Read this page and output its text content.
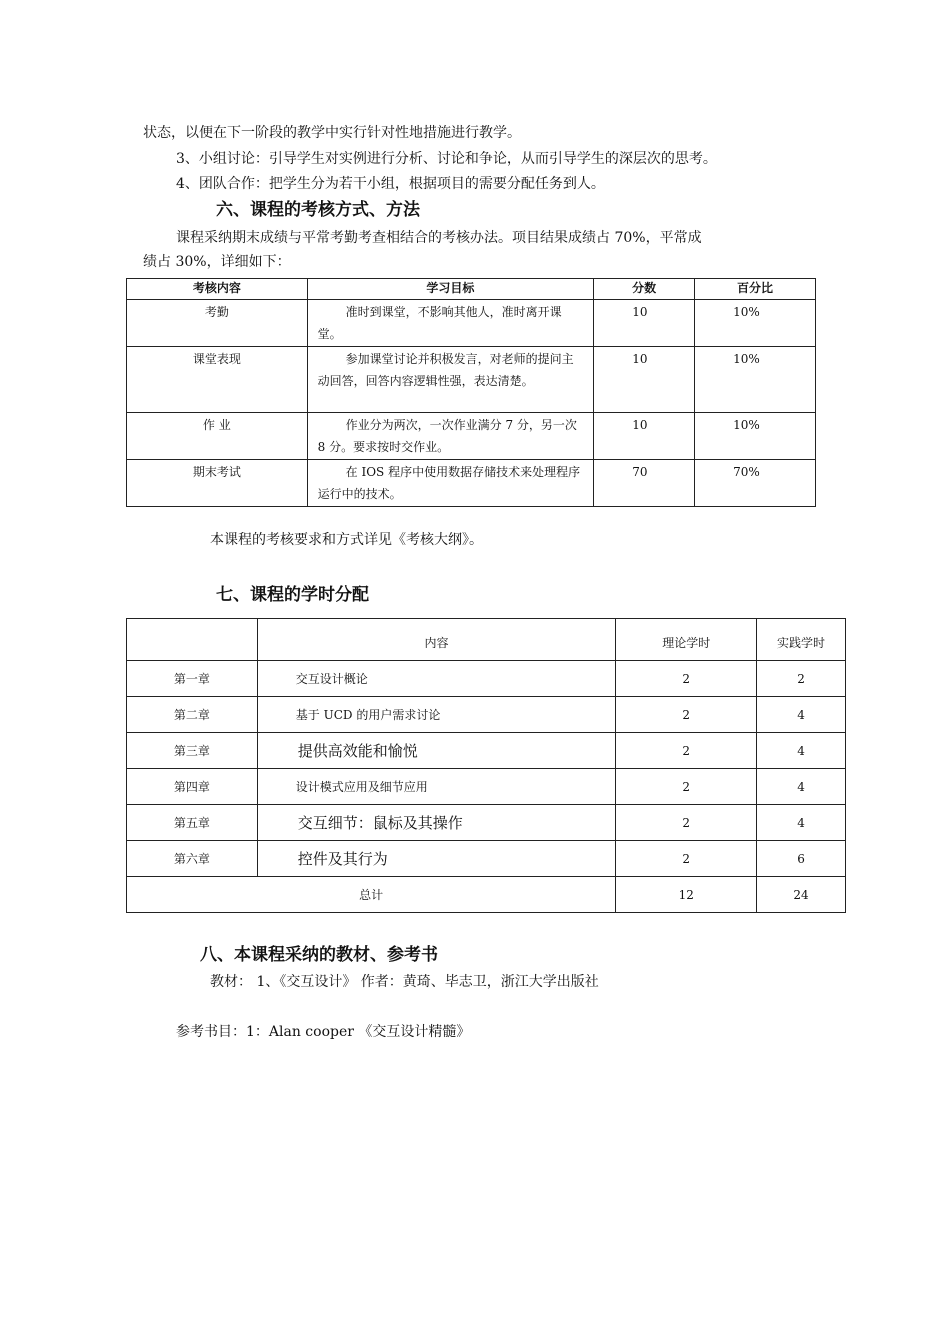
状态，以便在下一阶段的教学中实行针对性地措施进行教学。
3、小组讨论：引导学生对实例进行分析、讨论和争论，从而引导学生的深层次的思考。
4、团队合作：把学生分为若干小组，根据项目的需要分配任务到人。
六、课程的考核方式、方法
课程采纳期末成绩与平常考勤考查相结合的考核办法。项目结果成绩占 70%，平常成
绩占 30%，详细如下：
考核内容	学习目标	分数	百分比
考勤	准时到课堂，不影响其他人，准时离开课堂。	10	10%
课堂表现	参加课堂讨论并积极发言，对老师的提问主动回答，回答内容逻辑性强，表达清楚。	10	10%
作 业	作业分为两次，一次作业满分 7 分，另一次 8 分。要求按时交作业。	10	10%
期末考试	在 IOS 程序中使用数据存储技术来处理程序运行中的技术。	70	70%
本课程的考核要求和方式详见《考核大纲》。
七、课程的学时分配
	内容	理论学时	实践学时
第一章	交互设计概论	2	2
第二章	基于 UCD 的用户需求讨论	2	4
第三章	提供高效能和愉悦	2	4
第四章	设计模式应用及细节应用	2	4
第五章	交互细节：鼠标及其操作	2	4
第六章	控件及其行为	2	6
总计		12	24
八、本课程采纳的教材、参考书
教材： 1、《交互设计》 作者：黄琦、毕志卫，浙江大学出版社
参考书目：1：Alan cooper 《交互设计精髓》
